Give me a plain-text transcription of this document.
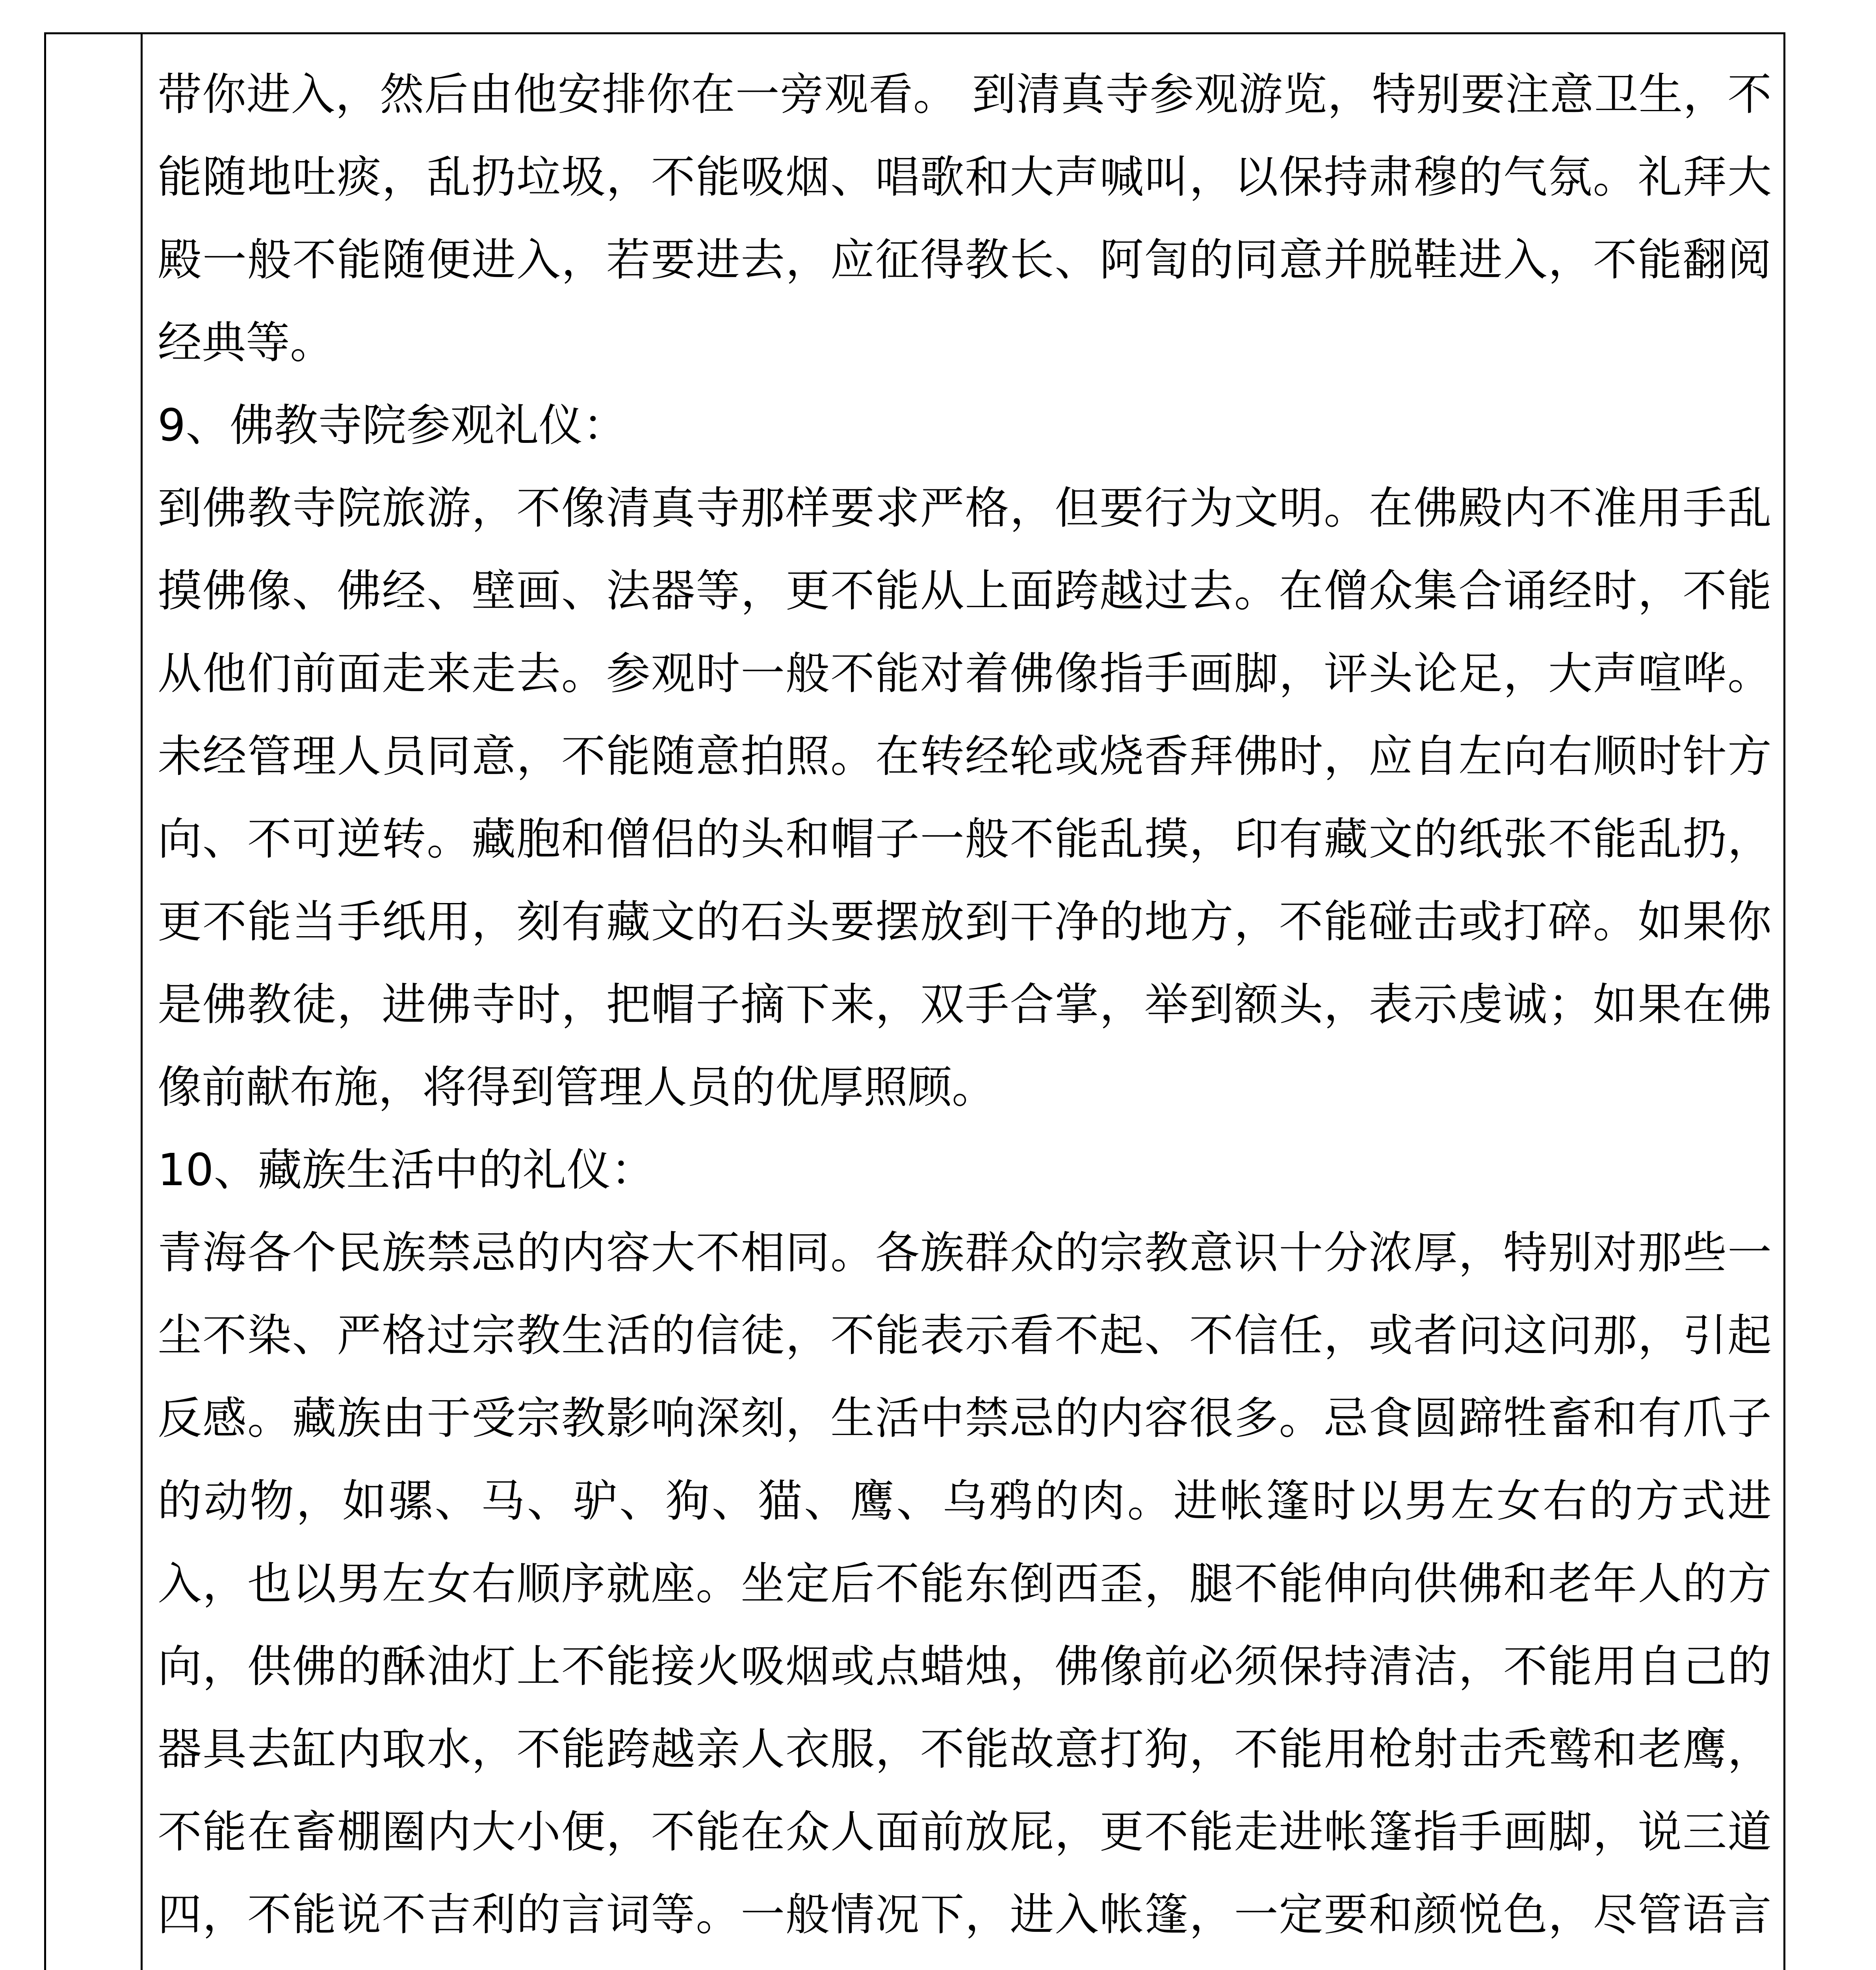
带你进入，然后由他安排你在一旁观看。 到清真寺参观游览，特别要注意卫生，不能随地吐痰，乱扔垃圾，不能吸烟、唱歌和大声喊叫，以保持肃穆的气氛。礼拜大殿一般不能随便进入，若要进去，应征得教长、阿訇的同意并脱鞋进入，不能翻阅经典等。

9、佛教寺院参观礼仪：

到佛教寺院旅游，不像清真寺那样要求严格，但要行为文明。在佛殿内不准用手乱摸佛像、佛经、壁画、法器等，更不能从上面跨越过去。在僧众集合诵经时，不能从他们前面走来走去。参观时一般不能对着佛像指手画脚，评头论足，大声喧哗。未经管理人员同意，不能随意拍照。在转经轮或烧香拜佛时，应自左向右顺时针方向、不可逆转。藏胞和僧侣的头和帽子一般不能乱摸，印有藏文的纸张不能乱扔，更不能当手纸用，刻有藏文的石头要摆放到干净的地方，不能碰击或打碎。如果你是佛教徒，进佛寺时，把帽子摘下来，双手合掌，举到额头，表示虔诚；如果在佛像前献布施，将得到管理人员的优厚照顾。

10、藏族生活中的礼仪：

青海各个民族禁忌的内容大不相同。各族群众的宗教意识十分浓厚，特别对那些一尘不染、严格过宗教生活的信徒，不能表示看不起、不信任，或者问这问那，引起反感。藏族由于受宗教影响深刻，生活中禁忌的内容很多。忌食圆蹄牲畜和有爪子的动物，如骡、马、驴、狗、猫、鹰、乌鸦的肉。进帐篷时以男左女右的方式进入，也以男左女右顺序就座。坐定后不能东倒西歪，腿不能伸向供佛和老年人的方向，供佛的酥油灯上不能接火吸烟或点蜡烛，佛像前必须保持清洁，不能用自己的器具去缸内取水，不能跨越亲人衣服，不能故意打狗，不能用枪射击秃鹫和老鹰，不能在畜棚圈内大小便，不能在众人面前放屁，更不能走进帐篷指手画脚，说三道四，不能说不吉利的言词等。一般情况下，进入帐篷，一定要和颜悦色，尽管语言
